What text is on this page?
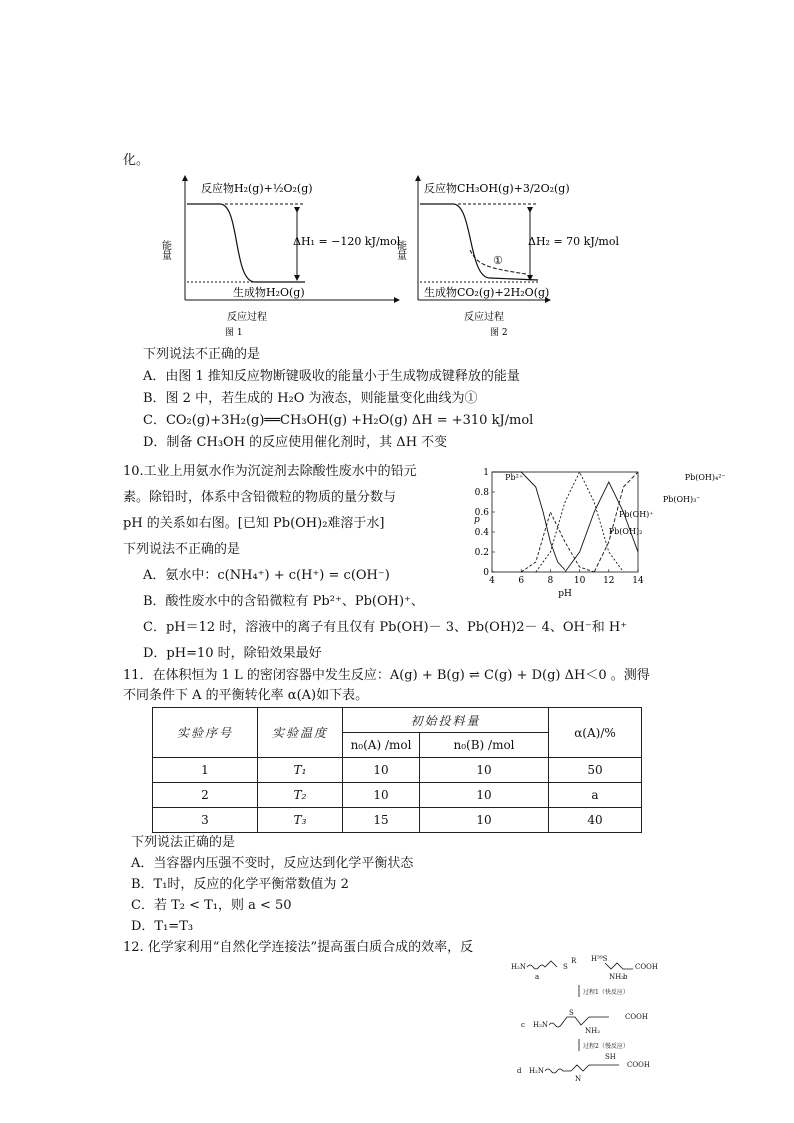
化。
反应物H₂(g)+½O₂(g)
ΔH₁ = −120 kJ/mol
生成物H₂O(g)
能量
反应过程
图 1
①
反应物CH₃OH(g)+3/2O₂(g)
ΔH₂ = 70 kJ/mol
生成物CO₂(g)+2H₂O(g)
能量
反应过程
图 2
下列说法不正确的是
A．由图 1 推知反应物断键吸收的能量小于生成物成键释放的能量
B．图 2 中，若生成的 H₂O 为液态，则能量变化曲线为①
C．CO₂(g)+3H₂(g)══CH₃OH(g) +H₂O(g) ΔH = +310 kJ/mol
D．制备 CH₃OH 的反应使用催化剂时，其 ΔH 不变
10.工业上用氨水作为沉淀剂去除酸性废水中的铅元
素。除铅时，体系中含铅微粒的物质的量分数与
pH 的关系如右图。[已知 Pb(OH)₂难溶于水]
下列说法不正确的是
A．氨水中：c(NH₄⁺) + c(H⁺) = c(OH⁻)
B．酸性废水中的含铅微粒有 Pb²⁺、Pb(OH)⁺、
C．pH＝12 时，溶液中的离子有且仅有 Pb(OH)－ 3、Pb(OH)2－ 4、OH⁻和 H⁺
D．pH=10 时，除铅效果最好
4	6	8 10 12 14
0
0.2
0.4
0.6
0.8
1
pH
p
Pb²⁺
Pb(OH)⁺
Pb(OH)₂
Pb(OH)₃⁻
Pb(OH)₄²⁻
11．在体积恒为 1 L 的密闭容器中发生反应：A(g) + B(g) ⇌ C(g) + D(g) ΔH＜0 。测得
不同条件下 A 的平衡转化率 α(A)如下表。
实验序号	实验温度	初始投料量		α(A)/%
		n₀(A) /mol	n₀(B) /mol	
1	T₁	10	10	50
2	T₂	10	10	a
3	T₃	15	10	40
下列说法正确的是
A．当容器内压强不变时，反应达到化学平衡状态
B．T₁时，反应的化学平衡常数值为 2
C．若 T₂ < T₁，则 a < 50
D．T₁=T₃
12. 化学家利用“自然化学连接法”提高蛋白质合成的效率，反
H₂N
a
S
R H³⁹S
NH₂
b
COOH
过程1（快反应）
c H₂N
S
NH₂
COOH
过程2（慢反应）
d H₂N
N
SH
COOH
